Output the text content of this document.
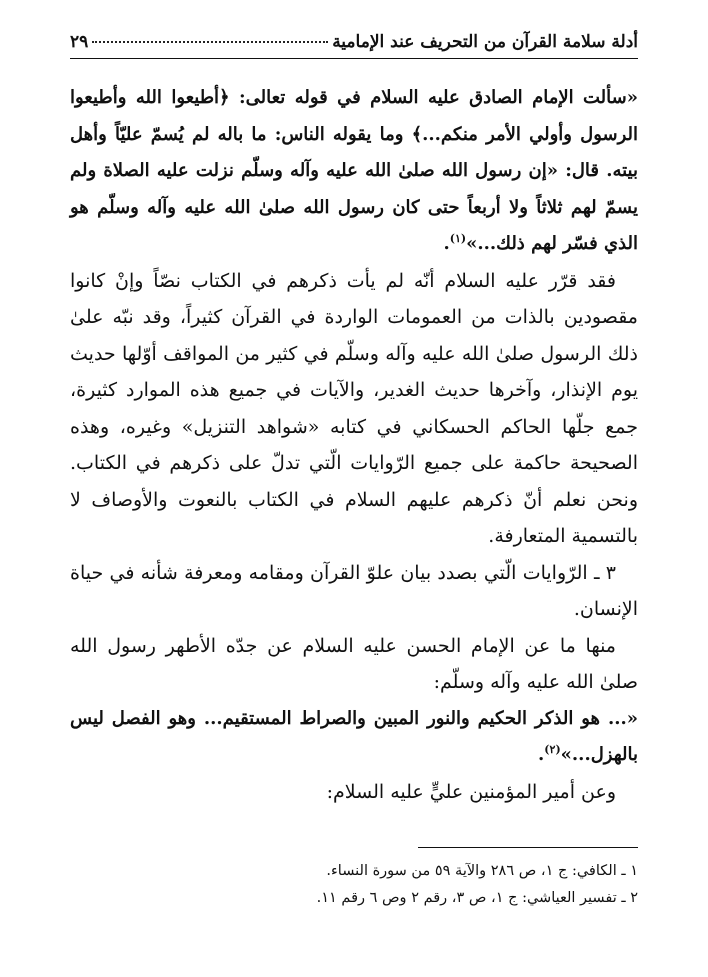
أدلة سلامة القرآن من التحريف عند الإمامية
٢٩

«سألت الإمام الصادق عليه السلام في قوله تعالى: ﴿أطيعوا الله وأطيعوا الرسول وأولي الأمر منكم...﴾ وما يقوله الناس: ما باله لم يُسمّ عليّاً وأهل بيته. قال: «إن رسول الله صلىٰ الله عليه وآله وسلّم نزلت عليه الصلاة ولم يسمّ لهم ثلاثاً ولا أربعاً حتى كان رسول الله صلىٰ الله عليه وآله وسلّم هو الذي فسّر لهم ذلك...»$^{(١)}$.

فقد قرّر عليه السلام أنّه لم يأت ذكرهم في الكتاب نصّاً وإنْ كانوا مقصودين بالذات من العمومات الواردة في القرآن كثيراً، وقد نبّه علىٰ ذلك الرسول صلىٰ الله عليه وآله وسلّم في كثير من المواقف أوّلها حديث يوم الإنذار، وآخرها حديث الغدير، والآيات في جميع هذه الموارد كثيرة، جمع جلّها الحاكم الحسكاني في كتابه «شواهد التنزيل» وغيره، وهذه الصحيحة حاكمة على جميع الرّوايات الّتي تدلّ على ذكرهم في الكتاب. ونحن نعلم أنّ ذكرهم عليهم السلام في الكتاب بالنعوت والأوصاف لا بالتسمية المتعارفة.

٣ ـ الرّوايات الّتي بصدد بيان علوّ القرآن ومقامه ومعرفة شأنه في حياة الإنسان.

منها ما عن الإمام الحسن عليه السلام عن جدّه الأطهر رسول الله صلىٰ الله عليه وآله وسلّم:

«... هو الذكر الحكيم والنور المبين والصراط المستقيم... وهو الفصل ليس بالهزل...»$^{(٢)}$.

وعن أمير المؤمنين عليٍّ عليه السلام:

١ ـ الكافي: ج ١، ص ٢٨٦ والآية ٥٩ من سورة النساء.
٢ ـ تفسير العياشي: ج ١، ص ٣، رقم ٢ وص ٦ رقم ١١.
